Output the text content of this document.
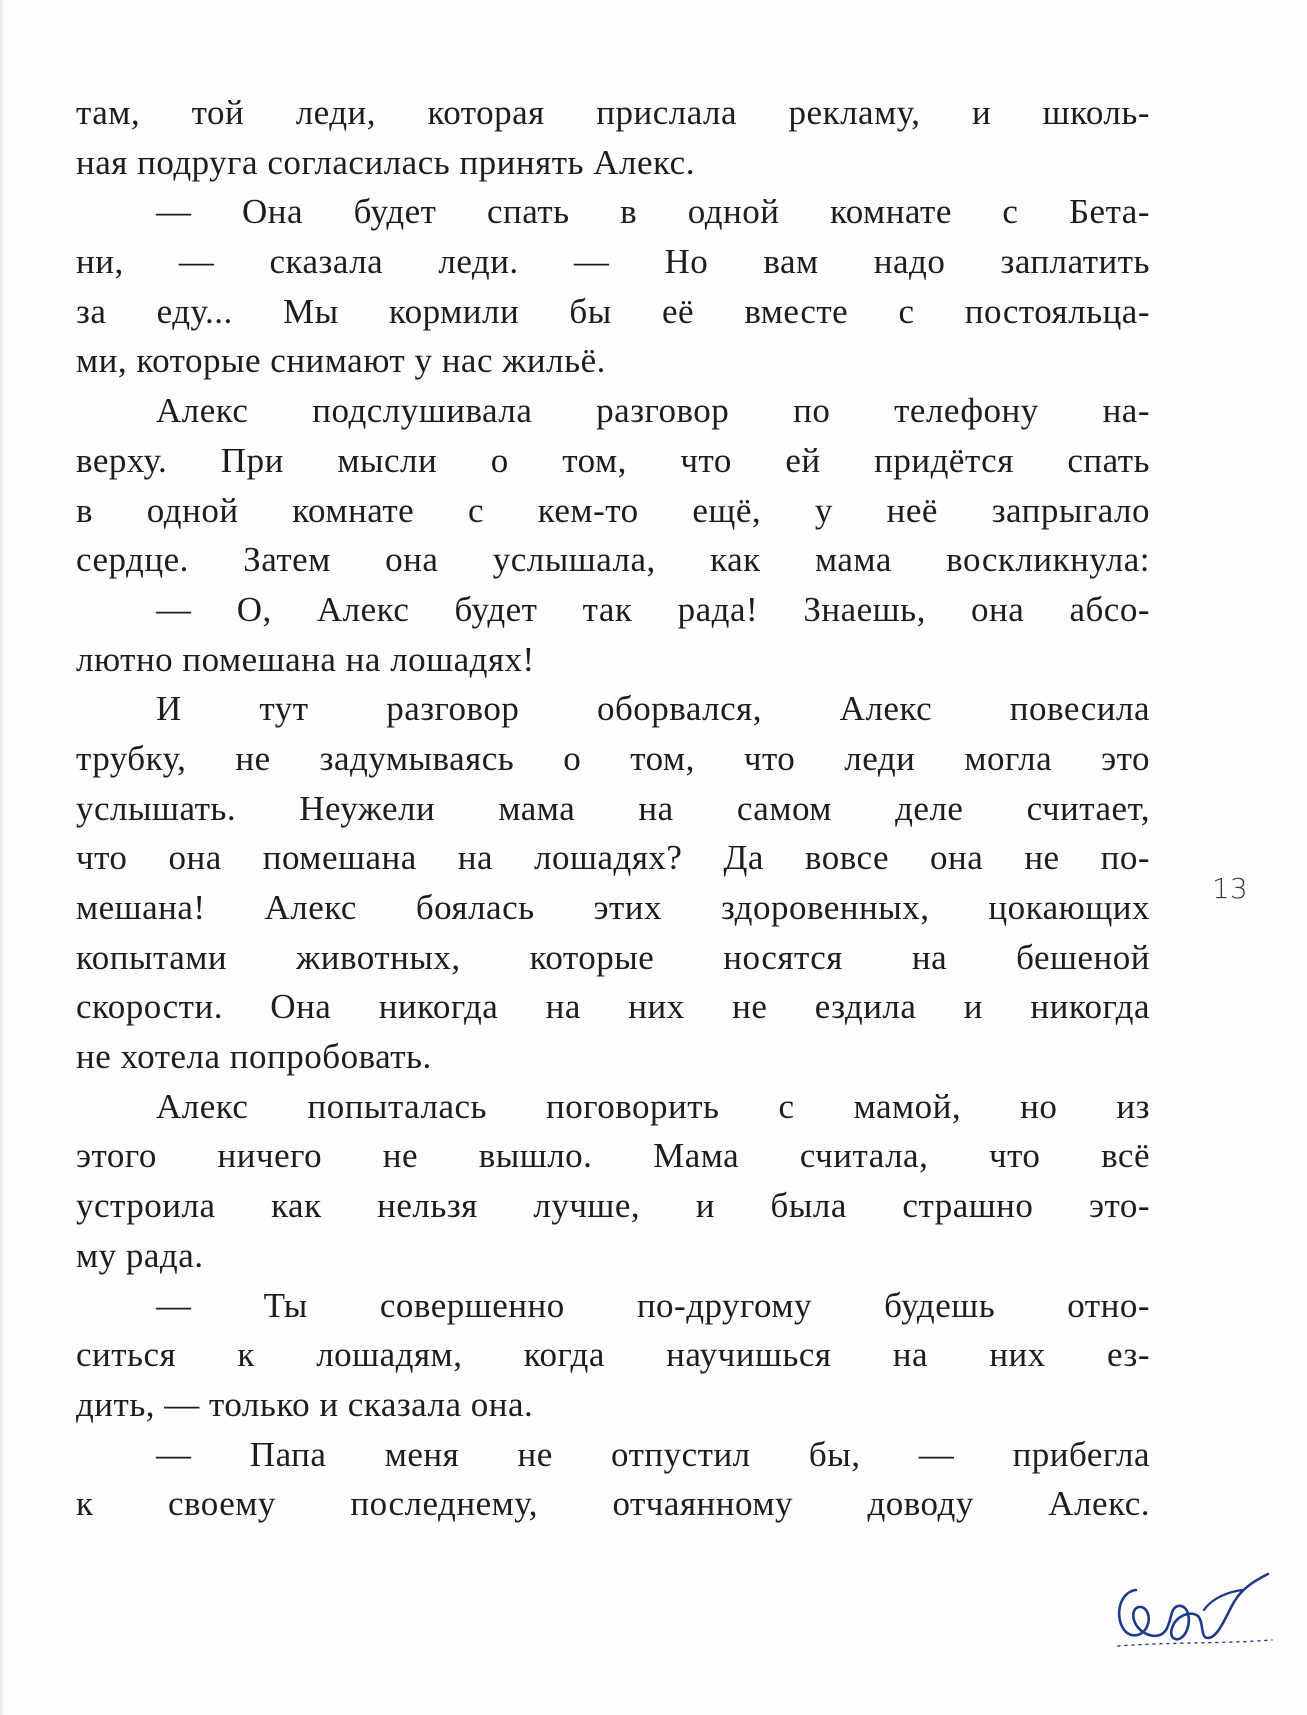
там, той леди, которая прислала рекламу, и школь-
ная подруга согласилась принять Алекс.
— Она будет спать в одной комнате с Бета-
ни, — сказала леди. — Но вам надо заплатить
за еду... Мы кормили бы её вместе с постояльца-
ми, которые снимают у нас жильё.
Алекс подслушивала разговор по телефону на-
верху. При мысли о том, что ей придётся спать
в одной комнате с кем-то ещё, у неё запрыгало
сердце. Затем она услышала, как мама воскликнула:
— О, Алекс будет так рада! Знаешь, она абсо-
лютно помешана на лошадях!
И тут разговор оборвался, Алекс повесила
трубку, не задумываясь о том, что леди могла это
услышать. Неужели мама на самом деле считает,
что она помешана на лошадях? Да вовсе она не по-
мешана! Алекс боялась этих здоровенных, цокающих
копытами животных, которые носятся на бешеной
скорости. Она никогда на них не ездила и никогда
не хотела попробовать.
Алекс попыталась поговорить с мамой, но из
этого ничего не вышло. Мама считала, что всё
устроила как нельзя лучше, и была страшно это-
му рада.
— Ты совершенно по-другому будешь отно-
ситься к лошадям, когда научишься на них ез-
дить, — только и сказала она.
— Папа меня не отпустил бы, — прибегла
к своему последнему, отчаянному доводу Алекс.
13
